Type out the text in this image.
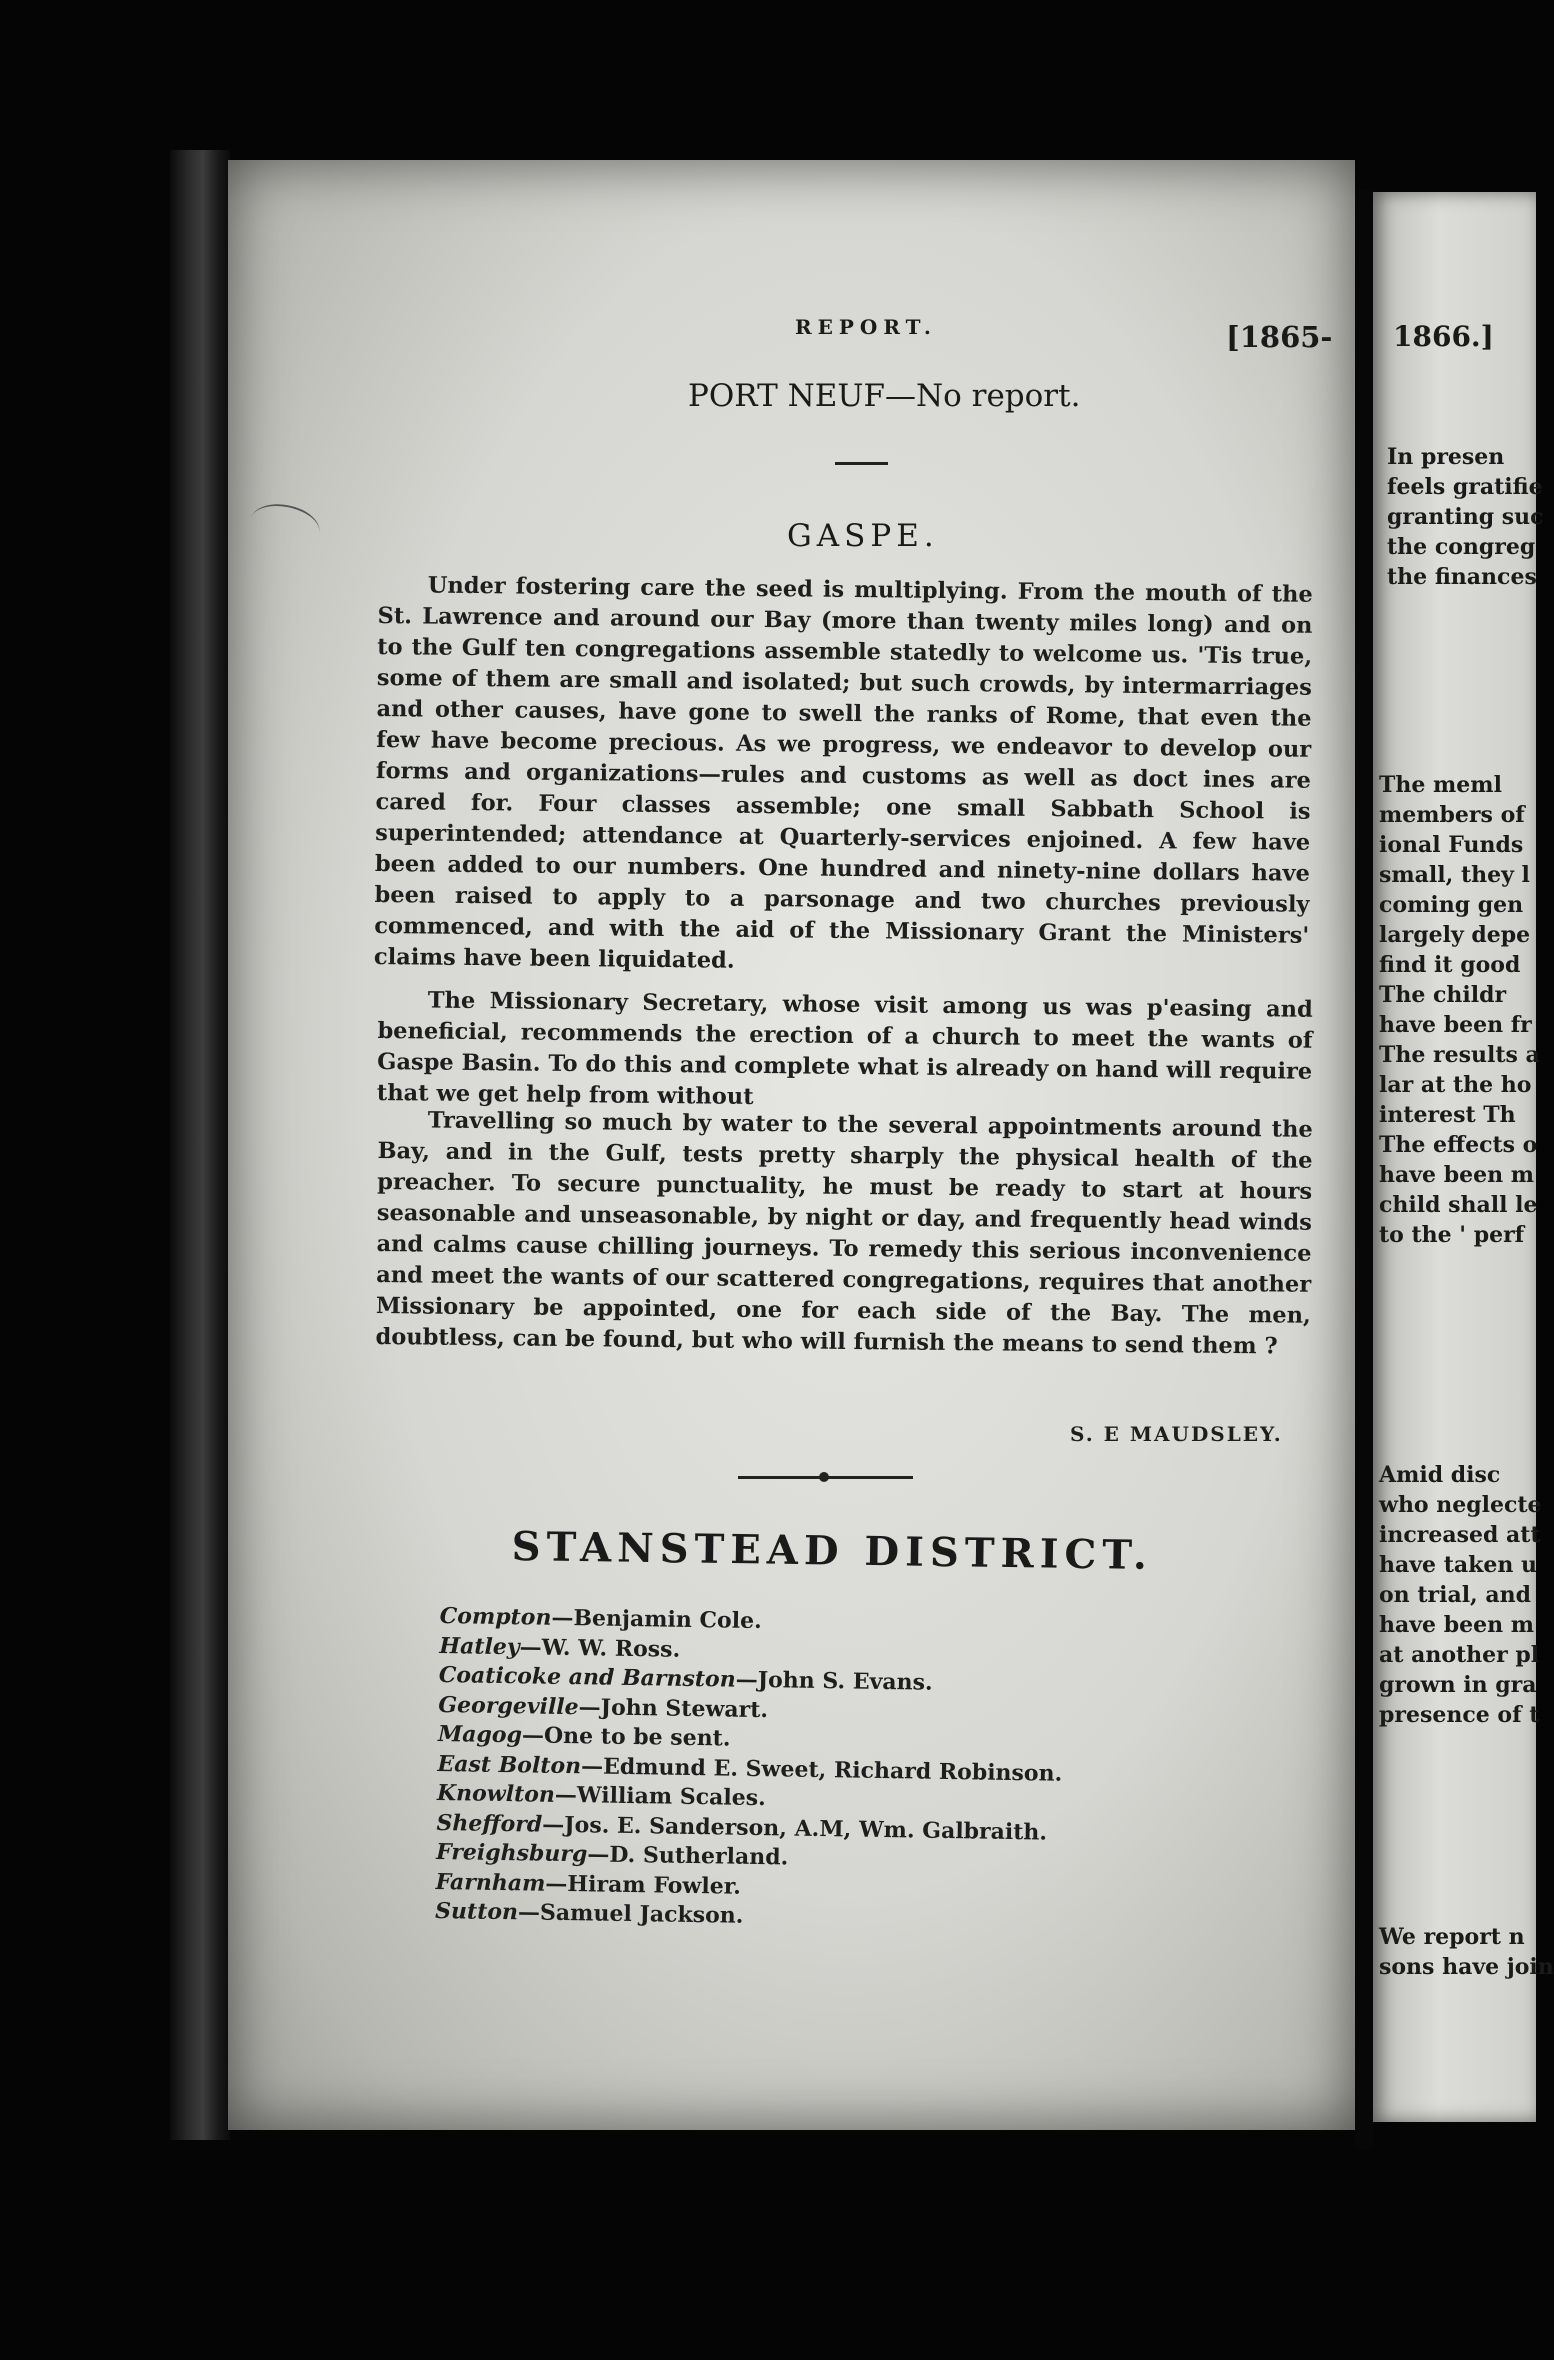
1866.]
In presen
feels gratifie
granting suc
the congreg
the finances
The meml
members of
ional Funds
small, they l
coming gen
largely depe
find it good
The childr
have been fr
The results a
lar at the ho
interest Th
The effects o
have been m
child shall le
to the ' perf
Amid disc
who neglecte
increased att
have taken u
on trial, and
have been m
at another pl
grown in gra
presence of t
We report n
sons have join
REPORT.	[1865-
PORT NEUF—No report.
GASPE.

Under fostering care the seed is multiplying. From the mouth of the St. Lawrence and around our Bay (more than twenty miles long) and on to the Gulf ten congregations assemble statedly to welcome us. 'Tis true, some of them are small and isolated; but such crowds, by intermarriages and other causes, have gone to swell the ranks of Rome, that even the few have become precious. As we progress, we endeavor to develop our forms and organizations—rules and customs as well as doct ines are cared for. Four classes assemble; one small Sabbath School is superintended; attendance at Quarterly-services enjoined. A few have been added to our numbers. One hundred and ninety-nine dollars have been raised to apply to a parsonage and two churches previously commenced, and with the aid of the Missionary Grant the Ministers' claims have been liquidated.

The Missionary Secretary, whose visit among us was p'easing and beneficial, recommends the erection of a church to meet the wants of Gaspe Basin. To do this and complete what is already on hand will require that we get help from without

Travelling so much by water to the several appointments around the Bay, and in the Gulf, tests pretty sharply the physical health of the preacher. To secure punctuality, he must be ready to start at hours seasonable and unseasonable, by night or day, and frequently head winds and calms cause chilling journeys. To remedy this serious inconvenience and meet the wants of our scattered congregations, requires that another Missionary be appointed, one for each side of the Bay. The men, doubtless, can be found, but who will furnish the means to send them ?

S. E MAUDSLEY.
STANSTEAD DISTRICT.
Compton—Benjamin Cole.
Hatley—W. W. Ross.
Coaticoke and Barnston—John S. Evans.
Georgeville—John Stewart.
Magog—One to be sent.
East Bolton—Edmund E. Sweet, Richard Robinson.
Knowlton—William Scales.
Shefford—Jos. E. Sanderson, A.M, Wm. Galbraith.
Freighsburg—D. Sutherland.
Farnham—Hiram Fowler.
Sutton—Samuel Jackson.
